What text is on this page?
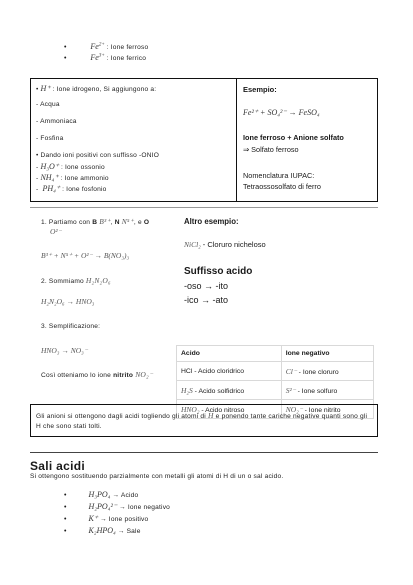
•	$Fe^{2+}$ : Ione ferroso
•	$Fe^{3+}$ : Ione ferrico
• H⁺ : Ione idrogeno, Si aggiungono a:
- Acqua
- Ammoniaca
- Fosfina
• Dando ioni positivi con suffisso -ONIO
- H₃O⁺ : Ione ossonio
- NH₄⁺ : Ione ammonio
-  PH₄⁺ : Ione fosfonio
Esempio:
Fe²⁺ + SO₄²⁻ → FeSO₄
Ione ferroso + Anione solfato
⇒ Solfato ferroso
Nomenclatura IUPAC:
Tetraossosolfato di ferro
1. Partiamo con B B³⁺, N N⁵⁺, e O
O²⁻
B³⁺ + N⁵⁺ + O²⁻ → B(NO₃)₃
2. Sommiamo H₂N₂O₆
H₂N₂O₆ → HNO₃
3. Semplificazione:
HNO₃ → NO₃⁻
Così otteniamo lo ione nitrito NO₂⁻
Altro esempio:
NiCl₂ - Cloruro nicheloso
Suffisso acido
-oso → -ito
-ico → -ato
Acido	Ione negativo
HCl - Acido cloridrico	Cl⁻ - Ione cloruro
H₂S - Acido solfidrico	S²⁻ - Ione solfuro
HNO₂ - Acido nitroso	NO₂⁻ - Ione nitrito
Gli anioni si ottengono dagli acidi togliendo gli atomi di H e ponendo tante cariche negative quanti sono gli H che sono stati tolti.
Sali acidi
Si ottengono sostituendo parzialmente con metalli gli atomi di H di un o sal acido.
•	H₃PO₄ → Acido
•	H₂PO₄²⁻ → Ione negativo
•	K⁺ → Ione positivo
•	K₂HPO₄ → Sale
